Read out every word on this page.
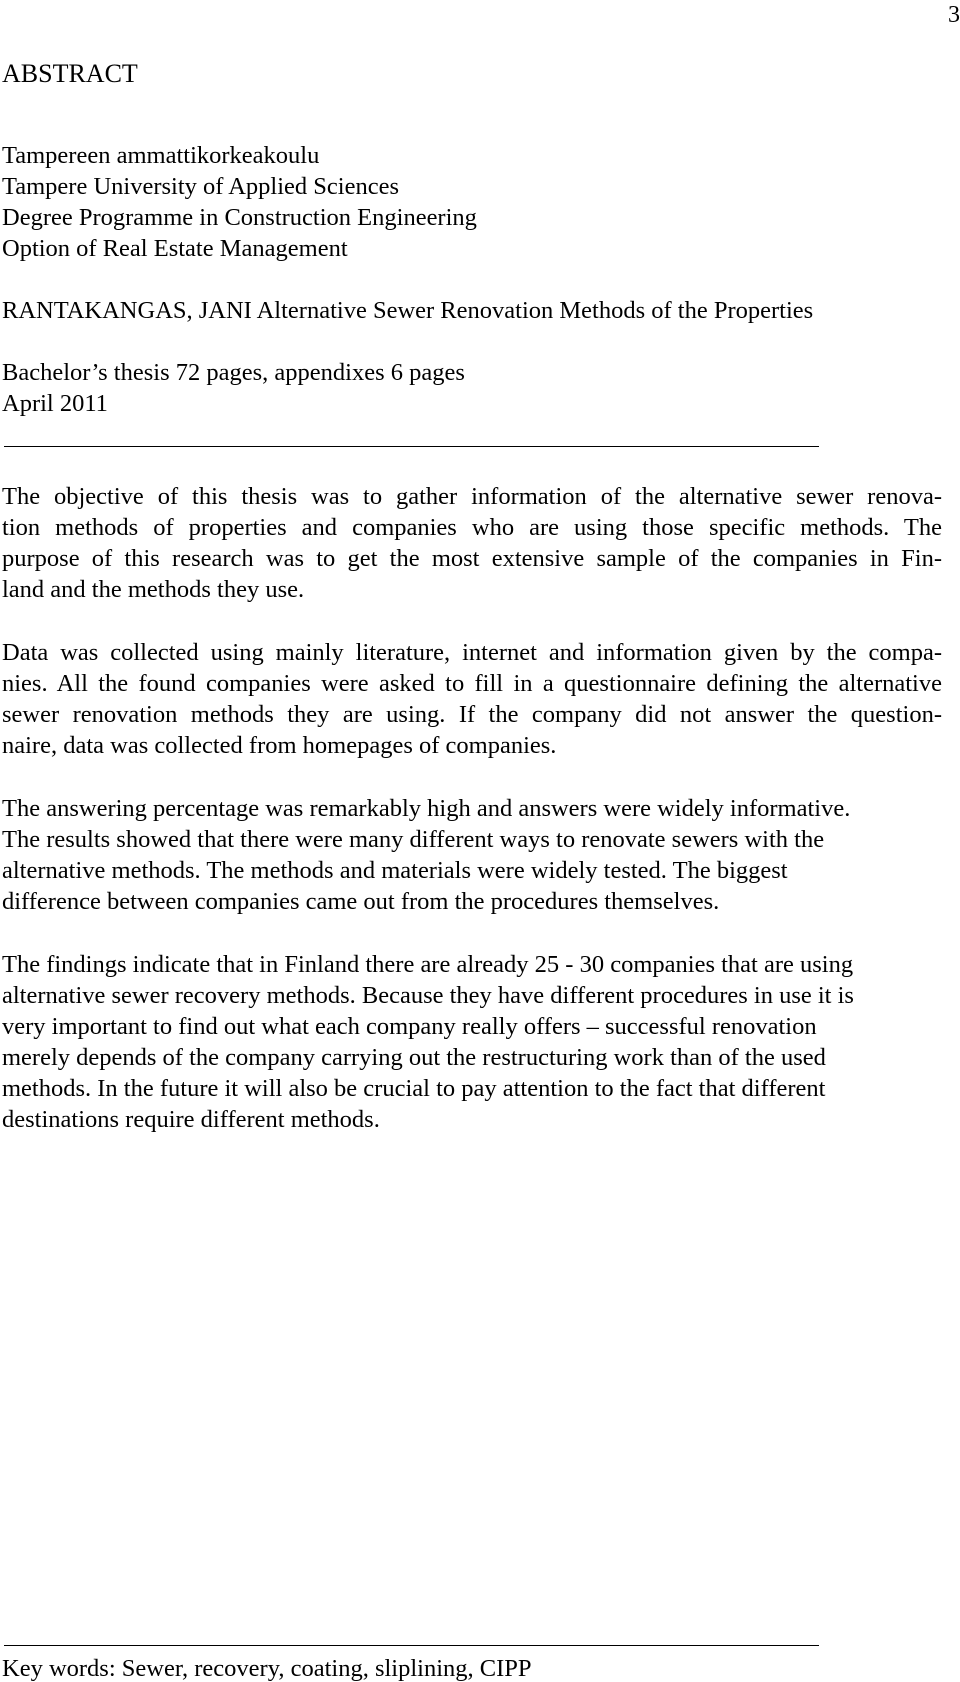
3
ABSTRACT
Tampereen ammattikorkeakoulu
Tampere University of Applied Sciences
Degree Programme in Construction Engineering
Option of Real Estate Management
RANTAKANGAS, JANI Alternative Sewer Renovation Methods of the Properties
Bachelor’s thesis 72 pages, appendixes 6 pages
April 2011
The objective of this thesis was to gather information of the alternative sewer renova-
tion methods of properties and companies who are using those specific methods. The
purpose of this research was to get the most extensive sample of the companies in Fin-
land and the methods they use.
Data was collected using mainly literature, internet and information given by the compa-
nies. All the found companies were asked to fill in a questionnaire defining the alternative
sewer renovation methods they are using. If the company did not answer the question-
naire, data was collected from homepages of companies.
The answering percentage was remarkably high and answers were widely informative.
The results showed that there were many different ways to renovate sewers with the
alternative methods. The methods and materials were widely tested. The biggest
difference between companies came out from the procedures themselves.
The findings indicate that in Finland there are already 25 - 30 companies that are using
alternative sewer recovery methods. Because they have different procedures in use it is
very important to find out what each company really offers – successful renovation
merely depends of the company carrying out the restructuring work than of the used
methods. In the future it will also be crucial to pay attention to the fact that different
destinations require different methods.
Key words: Sewer, recovery, coating, sliplining, CIPP
